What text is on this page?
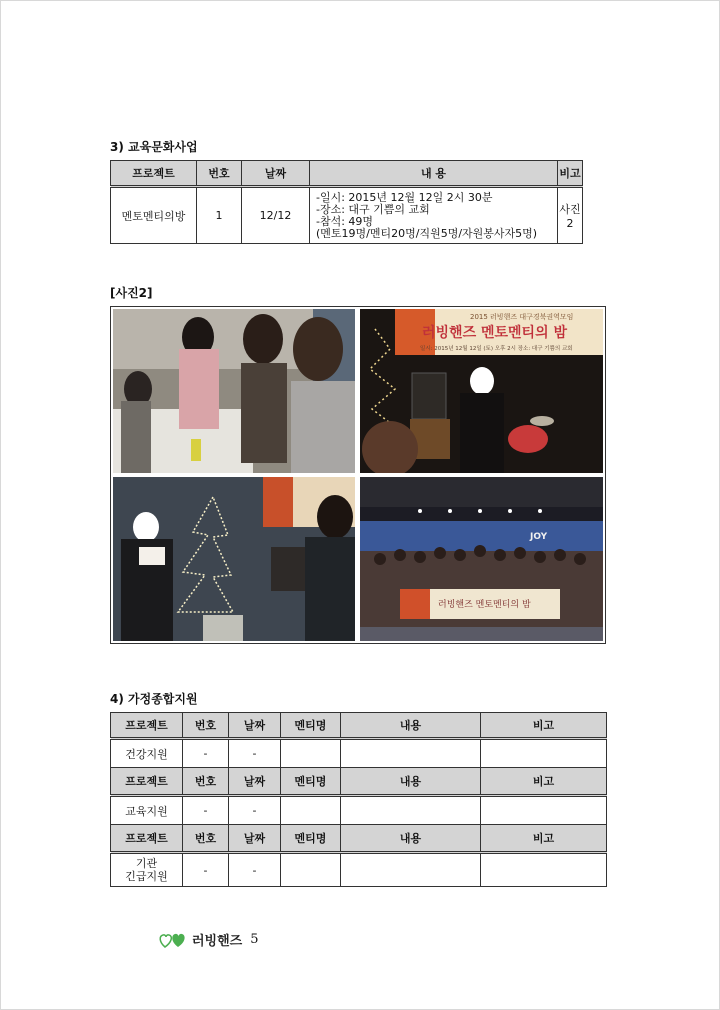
3) 교육문화사업
프로젝트	번호	날짜	내 용	비고
멘토멘티의방	1	12/12	-일시: 2015년 12월 12일 2시 30분
-장소: 대구 기쁨의 교회
-참석: 49명
(멘토19명/멘티20명/직원5명/자원봉사자5명)	사진2
[사진2]
2015 러빙핸즈 대구경북권역모임
러빙핸즈 멘토멘티의 밤
일시: 2015년 12월 12일 (토) 오후 2시 장소: 대구 기쁨의 교회
JOY
러빙핸즈 멘토멘티의 밤
4) 가정종합지원
프로젝트	번호	날짜	멘티명	내용	비고
건강지원	-	-			
프로젝트	번호	날짜	멘티명	내용	비고
교육지원	-	-			
프로젝트	번호	날짜	멘티명	내용	비고
기관
긴급지원	-	-			
러빙핸즈 5
